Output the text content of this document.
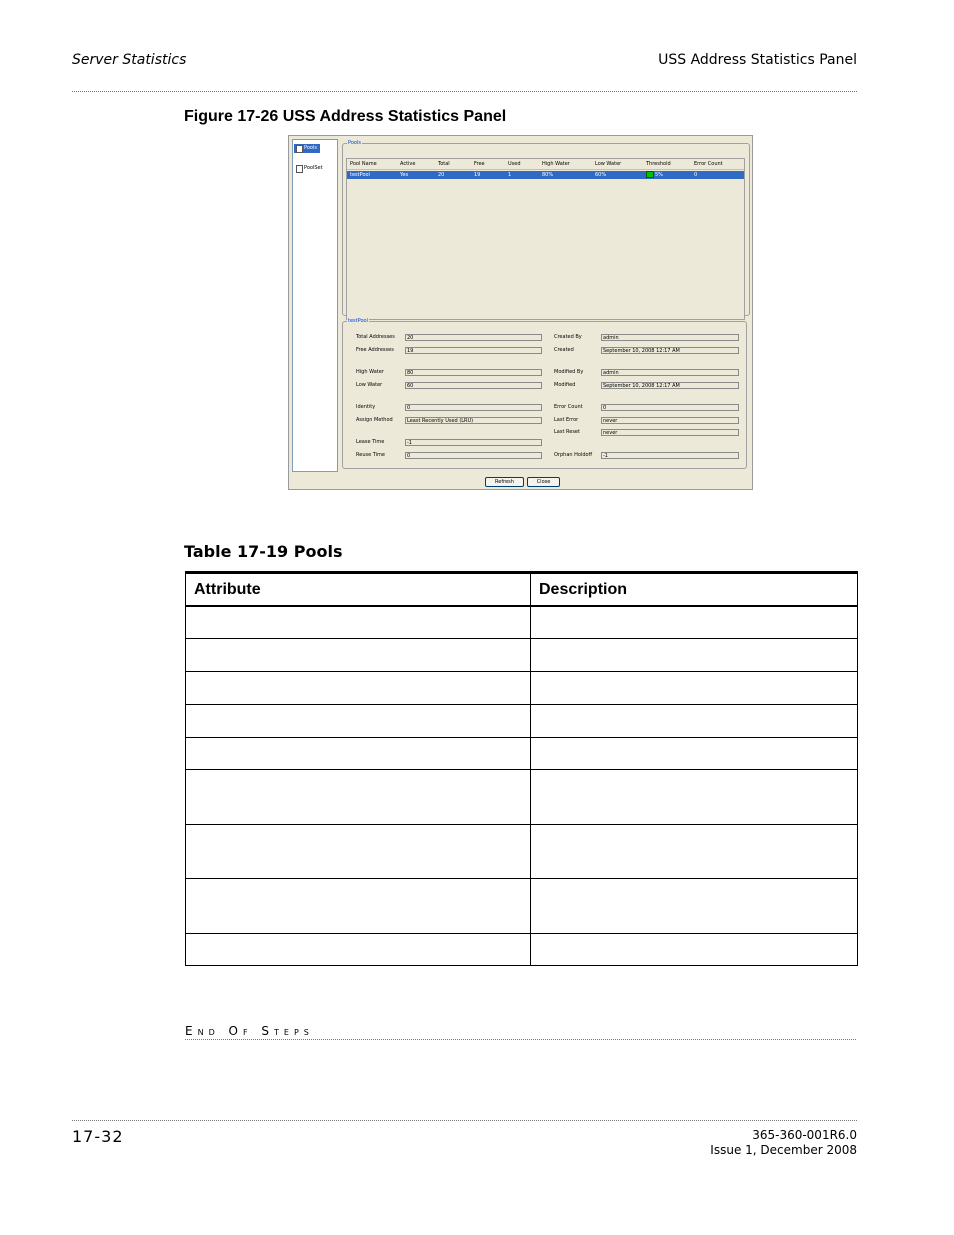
Server Statistics	USS Address Statistics Panel
Figure 17-26 USS Address Statistics Panel
Pools
PoolSet
Pools
Pool Name	Active	Total	Free	Used	High Water	Low Water	Threshold	Error Count
testPool	Yes	20	19	1	80%	60%	5%	0
testPool
Total Addresses	20
Free Addresses	19
High Water	80
Low Water	60
Identity	0
Assign Method	Least Recently Used (LRU)
Lease Time	-1
Reuse Time	0
Created By	admin
Created	September 10, 2008 12:17 AM
Modified By	admin
Modified	September 10, 2008 12:17 AM
Error Count	0
Last Error	never
Last Reset	never
Orphan Holdoff	-1
Refresh	Close
Table 17-19 Pools
Attribute	Description

End Of Steps
17-32	365-360-001R6.0
Issue 1, December 2008
